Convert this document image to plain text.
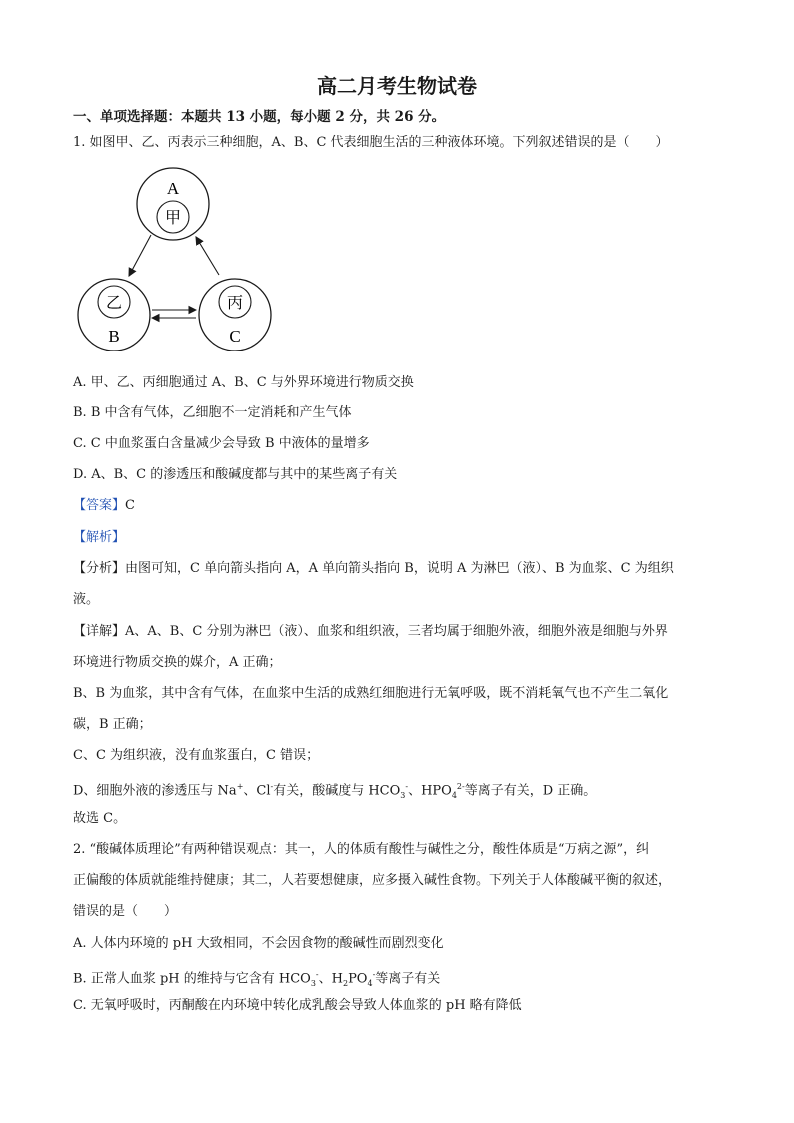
高二月考生物试卷
一、单项选择题：本题共 13 小题，每小题 2 分，共 26 分。
1. 如图甲、乙、丙表示三种细胞，A、B、C 代表细胞生活的三种液体环境。下列叙述错误的是（　　）
A
甲
乙
B
丙
C
A. 甲、乙、丙细胞通过 A、B、C 与外界环境进行物质交换
B. B 中含有气体，乙细胞不一定消耗和产生气体
C. C 中血浆蛋白含量减少会导致 B 中液体的量增多
D. A、B、C 的渗透压和酸碱度都与其中的某些离子有关
【答案】C
【解析】
【分析】由图可知，C 单向箭头指向 A，A 单向箭头指向 B，说明 A 为淋巴（液）、B 为血浆、C 为组织
液。
【详解】A、A、B、C 分别为淋巴（液）、血浆和组织液，三者均属于细胞外液，细胞外液是细胞与外界
环境进行物质交换的媒介，A 正确；
B、B 为血浆，其中含有气体，在血浆中生活的成熟红细胞进行无氧呼吸，既不消耗氧气也不产生二氧化
碳，B 正确；
C、C 为组织液，没有血浆蛋白，C 错误；
D、细胞外液的渗透压与 Na+、Cl-有关，酸碱度与 $HCO_3^-$、$HPO_4^{2-}$等离子有关，D 正确。
故选 C。
2. “酸碱体质理论”有两种错误观点：其一，人的体质有酸性与碱性之分，酸性体质是“万病之源”，纠
正偏酸的体质就能维持健康；其二，人若要想健康，应多摄入碱性食物。下列关于人体酸碱平衡的叙述，
错误的是（　　）
A. 人体内环境的 pH 大致相同，不会因食物的酸碱性而剧烈变化
B. 正常人血浆 pH 的维持与它含有 $HCO_3^-$、$H_2PO_4^-$等离子有关
C. 无氧呼吸时，丙酮酸在内环境中转化成乳酸会导致人体血浆的 pH 略有降低
